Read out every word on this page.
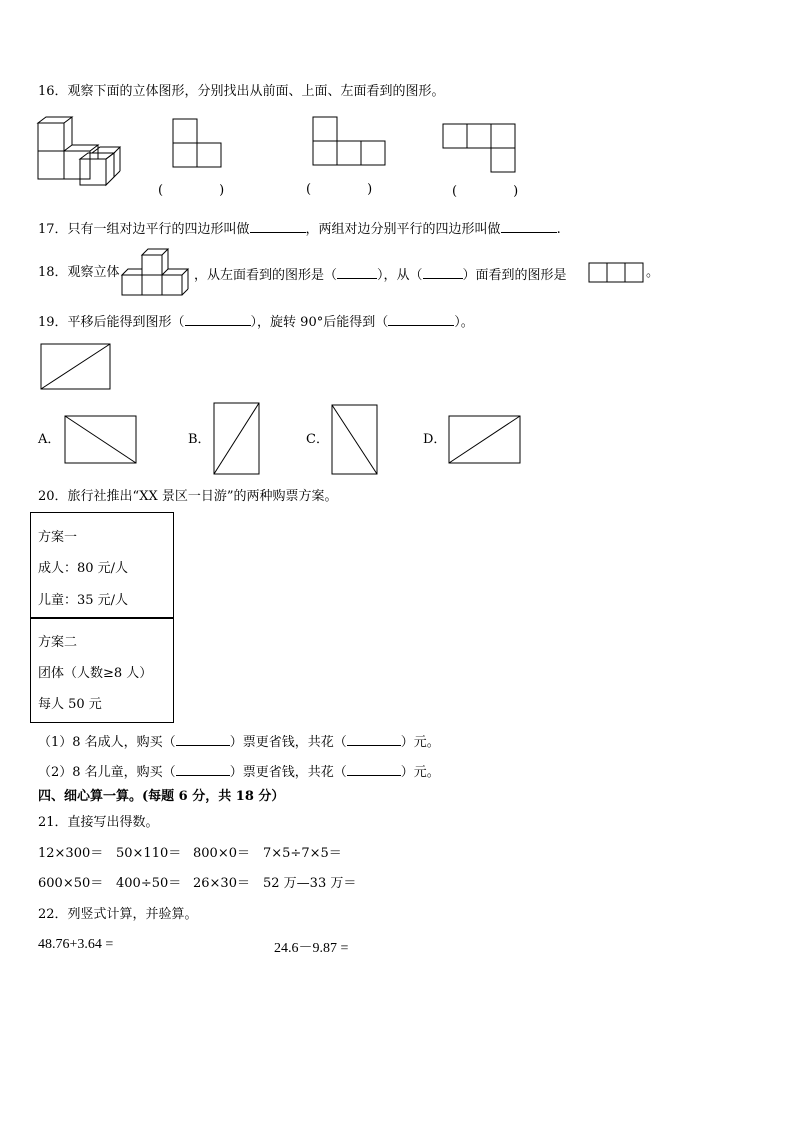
16．观察下面的立体图形，分别找出从前面、上面、左面看到的图形。
(	)	(	)	(	)
17．只有一组对边平行的四边形叫做	，两组对边分别平行的四边形叫做	.
18．观察立体	，从左面看到的图形是（	），从（	）面看到的图形是	。
19．平移后能得到图形（	），旋转 90°后能得到（	）。
A．	B．	C．	D．
20．旅行社推出“XX 景区一日游”的两种购票方案。
方案一
成人：80 元/人
儿童：35 元/人
方案二
团体（人数≥8 人）
每人 50 元
（1）8 名成人，购买（	）票更省钱，共花（	）元。
（2）8 名儿童，购买（	）票更省钱，共花（	）元。
四、细心算一算。(每题 6 分，共 18 分）
21．直接写出得数。
12×300＝ 50×110＝ 800×0＝ 7×5÷7×5＝
600×50＝ 400÷50＝ 26×30＝ 52 万—33 万＝
22．列竖式计算，并验算。
48.76+3.64 =	24.6－9.87 =
